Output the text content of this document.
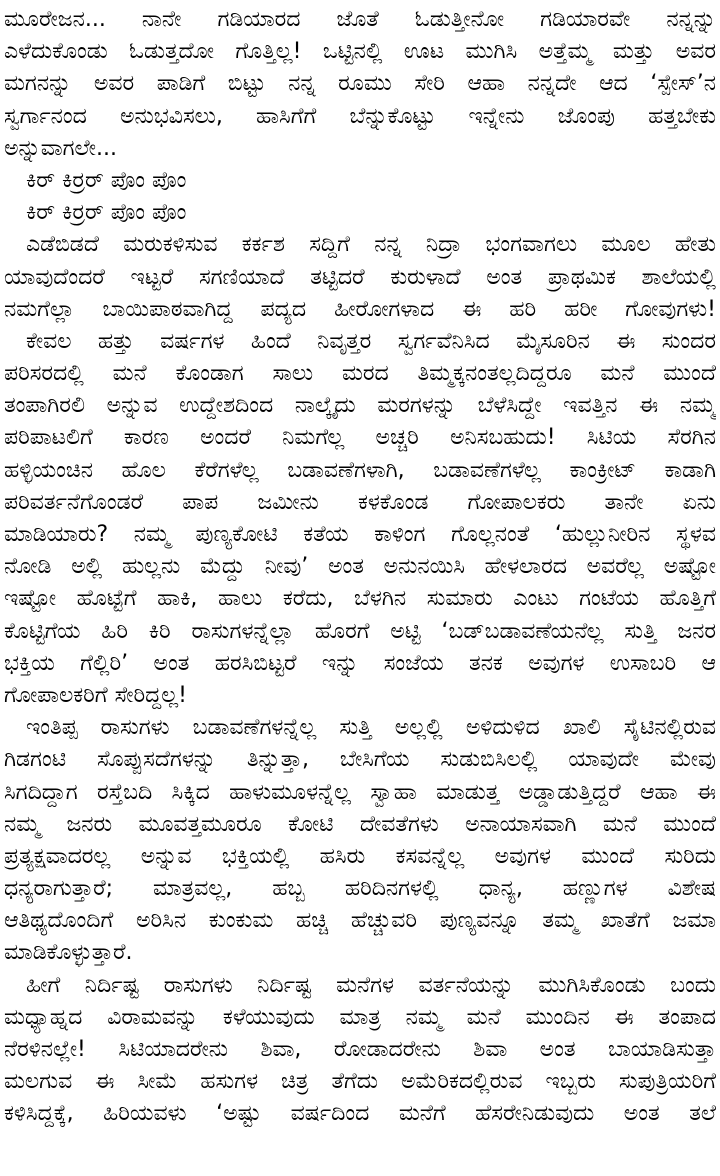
ಮೂರೇಜನ... ನಾನೇ ಗಡಿಯಾರದ ಜೊತೆ ಓಡುತ್ತೀನೋ ಗಡಿಯಾರವೇ ನನ್ನನ್ನು
ಎಳೆದುಕೊಂಡು ಓಡುತ್ತದೋ ಗೊತ್ತಿಲ್ಲ! ಒಟ್ಟಿನಲ್ಲಿ ಊಟ ಮುಗಿಸಿ ಅತ್ತೆಮ್ಮ ಮತ್ತು ಅವರ
ಮಗನನ್ನು ಅವರ ಪಾಡಿಗೆ ಬಿಟ್ಟು ನನ್ನ ರೂಮು ಸೇರಿ ಆಹಾ ನನ್ನದೇ ಆದ ‘ಸ್ಪೇಸ್’ನ
ಸ್ವರ್ಗಾನಂದ ಅನುಭವಿಸಲು, ಹಾಸಿಗೆಗೆ ಬೆನ್ನುಕೊಟ್ಟು ಇನ್ನೇನು ಜೊಂಪು ಹತ್ತಬೇಕು
ಅನ್ನುವಾಗಲೇ...
ಕಿರ್ ಕಿರ್ರರ್ ಪೊಂ ಪೊಂ
ಕಿರ್ ಕಿರ್ರರ್ ಪೊಂ ಪೊಂ
ಎಡೆಬಿಡದೆ ಮರುಕಳಿಸುವ ಕರ್ಕಶ ಸದ್ದಿಗೆ ನನ್ನ ನಿದ್ರಾ ಭಂಗವಾಗಲು ಮೂಲ ಹೇತು
ಯಾವುದೆಂದರೆ ಇಟ್ಟರೆ ಸಗಣಿಯಾದೆ ತಟ್ಟಿದರೆ ಕುರುಳಾದೆ ಅಂತ ಪ್ರಾಥಮಿಕ ಶಾಲೆಯಲ್ಲಿ
ನಮಗೆಲ್ಲಾ ಬಾಯಿಪಾಠವಾಗಿದ್ದ ಪದ್ಯದ ಹೀರೋಗಳಾದ ಈ ಹರಿ ಹರೀ ಗೋವುಗಳು!
ಕೇವಲ ಹತ್ತು ವರ್ಷಗಳ ಹಿಂದೆ ನಿವೃತ್ತರ ಸ್ವರ್ಗವೆನಿಸಿದ ಮೈಸೂರಿನ ಈ ಸುಂದರ
ಪರಿಸರದಲ್ಲಿ ಮನೆ ಕೊಂಡಾಗ ಸಾಲು ಮರದ ತಿಮ್ಮಕ್ಕನಂತಲ್ಲದಿದ್ದರೂ ಮನೆ ಮುಂದೆ
ತಂಪಾಗಿರಲಿ ಅನ್ನುವ ಉದ್ದೇಶದಿಂದ ನಾಲ್ಕೈದು ಮರಗಳನ್ನು ಬೆಳೆಸಿದ್ದೇ ಇವತ್ತಿನ ಈ ನಮ್ಮ
ಪರಿಪಾಟಲಿಗೆ ಕಾರಣ ಅಂದರೆ ನಿಮಗೆಲ್ಲ ಅಚ್ಚರಿ ಅನಿಸಬಹುದು! ಸಿಟಿಯ ಸೆರಗಿನ
ಹಳ್ಳಿಯಂಚಿನ ಹೊಲ ಕೆರೆಗಳೆಲ್ಲ ಬಡಾವಣೆಗಳಾಗಿ, ಬಡಾವಣೆಗಳೆಲ್ಲ ಕಾಂಕ್ರೀಟ್ ಕಾಡಾಗಿ
ಪರಿವರ್ತನೆಗೊಂಡರೆ ಪಾಪ ಜಮೀನು ಕಳಕೊಂಡ ಗೋಪಾಲಕರು ತಾನೇ ಏನು
ಮಾಡಿಯಾರು? ನಮ್ಮ ಪುಣ್ಯಕೋಟಿ ಕತೆಯ ಕಾಳಿಂಗ ಗೊಲ್ಲನಂತೆ ‘ಹುಲ್ಲುನೀರಿನ ಸ್ಥಳವ
ನೋಡಿ ಅಲ್ಲಿ ಹುಲ್ಲನು ಮೆದ್ದು ನೀವು’ ಅಂತ ಅನುನಯಿಸಿ ಹೇಳಲಾರದ ಅವರೆಲ್ಲ ಅಷ್ಟೋ
ಇಷ್ಟೋ ಹೊಟ್ಟೆಗೆ ಹಾಕಿ, ಹಾಲು ಕರೆದು, ಬೆಳಗಿನ ಸುಮಾರು ಎಂಟು ಗಂಟೆಯ ಹೊತ್ತಿಗೆ
ಕೊಟ್ಟಿಗೆಯ ಹಿರಿ ಕಿರಿ ರಾಸುಗಳನ್ನೆಲ್ಲಾ ಹೊರಗೆ ಅಟ್ಟಿ ‘ಬಡ್‌ಬಡಾವಣೆಯನೆಲ್ಲ ಸುತ್ತಿ ಜನರ
ಭಕ್ತಿಯ ಗೆಲ್ಲಿರಿ’ ಅಂತ ಹರಸಿಬಿಟ್ಟರೆ ಇನ್ನು ಸಂಜೆಯ ತನಕ ಅವುಗಳ ಉಸಾಬರಿ ಆ
ಗೋಪಾಲಕರಿಗೆ ಸೇರಿದ್ದಲ್ಲ!
ಇಂತಿಪ್ಪ ರಾಸುಗಳು ಬಡಾವಣೆಗಳನ್ನೆಲ್ಲ ಸುತ್ತಿ ಅಲ್ಲಲ್ಲಿ ಅಳಿದುಳಿದ ಖಾಲಿ ಸೈಟಿನಲ್ಲಿರುವ
ಗಿಡಗಂಟಿ ಸೊಪ್ಪುಸದೆಗಳನ್ನು ತಿನ್ನುತ್ತಾ, ಬೇಸಿಗೆಯ ಸುಡುಬಿಸಿಲಲ್ಲಿ ಯಾವುದೇ ಮೇವು
ಸಿಗದಿದ್ದಾಗ ರಸ್ತೆಬದಿ ಸಿಕ್ಕಿದ ಹಾಳುಮೂಳನ್ನೆಲ್ಲ ಸ್ವಾಹಾ ಮಾಡುತ್ತ ಅಡ್ಡಾಡುತ್ತಿದ್ದರೆ ಆಹಾ ಈ
ನಮ್ಮ ಜನರು ಮೂವತ್ತಮೂರೂ ಕೋಟಿ ದೇವತೆಗಳು ಅನಾಯಾಸವಾಗಿ ಮನೆ ಮುಂದೆ
ಪ್ರತ್ಯಕ್ಷವಾದರಲ್ಲ ಅನ್ನುವ ಭಕ್ತಿಯಲ್ಲಿ ಹಸಿರು ಕಸವನ್ನೆಲ್ಲ ಅವುಗಳ ಮುಂದೆ ಸುರಿದು
ಧನ್ಯರಾಗುತ್ತಾರೆ; ಮಾತ್ರವಲ್ಲ, ಹಬ್ಬ ಹರಿದಿನಗಳಲ್ಲಿ ಧಾನ್ಯ, ಹಣ್ಣುಗಳ ವಿಶೇಷ
ಆತಿಥ್ಯದೊಂದಿಗೆ ಅರಿಸಿನ ಕುಂಕುಮ ಹಚ್ಚಿ ಹೆಚ್ಚುವರಿ ಪುಣ್ಯವನ್ನೂ ತಮ್ಮ ಖಾತೆಗೆ ಜಮಾ
ಮಾಡಿಕೊಳ್ಳುತ್ತಾರೆ.
ಹೀಗೆ ನಿರ್ದಿಷ್ಟ ರಾಸುಗಳು ನಿರ್ದಿಷ್ಟ ಮನೆಗಳ ವರ್ತನೆಯನ್ನು ಮುಗಿಸಿಕೊಂಡು ಬಂದು
ಮಧ್ಯಾಹ್ನದ ವಿರಾಮವನ್ನು ಕಳೆಯುವುದು ಮಾತ್ರ ನಮ್ಮ ಮನೆ ಮುಂದಿನ ಈ ತಂಪಾದ
ನೆರಳಿನಲ್ಲೇ! ಸಿಟಿಯಾದರೇನು ಶಿವಾ, ರೋಡಾದರೇನು ಶಿವಾ ಅಂತ ಬಾಯಾಡಿಸುತ್ತಾ
ಮಲಗುವ ಈ ಸೀಮೆ ಹಸುಗಳ ಚಿತ್ರ ತೆಗೆದು ಅಮೆರಿಕದಲ್ಲಿರುವ ಇಬ್ಬರು ಸುಪುತ್ರಿಯರಿಗೆ
ಕಳಿಸಿದ್ದಕ್ಕೆ, ಹಿರಿಯವಳು ‘ಅಷ್ಟು ವರ್ಷದಿಂದ ಮನೆಗೆ ಹೆಸರೇನಿಡುವುದು ಅಂತ ತಲೆ
